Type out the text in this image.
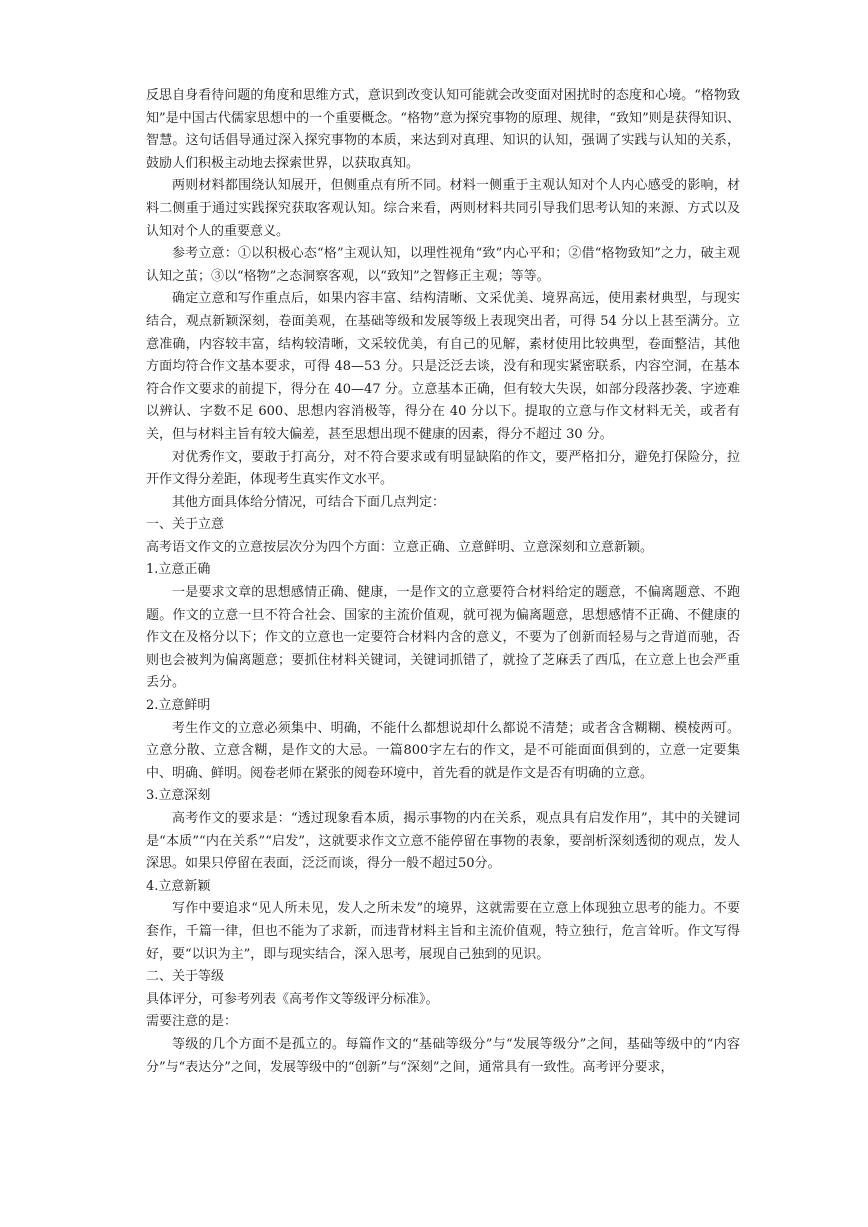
反思自身看待问题的角度和思维方式，意识到改变认知可能就会改变面对困扰时的态度和心境。“格物致知”是中国古代儒家思想中的一个重要概念。“格物”意为探究事物的原理、规律，“致知”则是获得知识、智慧。这句话倡导通过深入探究事物的本质，来达到对真理、知识的认知，强调了实践与认知的关系，鼓励人们积极主动地去探索世界，以获取真知。

两则材料都围绕认知展开，但侧重点有所不同。材料一侧重于主观认知对个人内心感受的影响，材料二侧重于通过实践探究获取客观认知。综合来看，两则材料共同引导我们思考认知的来源、方式以及认知对个人的重要意义。

参考立意：①以积极心态“格”主观认知，以理性视角“致”内心平和；②借“格物致知”之力，破主观认知之茧；③以“格物”之态洞察客观，以“致知”之智修正主观；等等。

确定立意和写作重点后，如果内容丰富、结构清晰、文采优美、境界高远，使用素材典型，与现实结合，观点新颖深刻，卷面美观，在基础等级和发展等级上表现突出者，可得 54 分以上甚至满分。立意准确，内容较丰富，结构较清晰，文采较优美，有自己的见解，素材使用比较典型，卷面整洁，其他方面均符合作文基本要求，可得 48—53 分。只是泛泛去谈，没有和现实紧密联系，内容空洞，在基本符合作文要求的前提下，得分在 40—47 分。立意基本正确，但有较大失误，如部分段落抄袭、字迹难以辨认、字数不足 600、思想内容消极等，得分在 40 分以下。提取的立意与作文材料无关，或者有关，但与材料主旨有较大偏差，甚至思想出现不健康的因素，得分不超过 30 分。

对优秀作文，要敢于打高分，对不符合要求或有明显缺陷的作文，要严格扣分，避免打保险分，拉开作文得分差距，体现考生真实作文水平。

其他方面具体给分情况，可结合下面几点判定：

一、关于立意

高考语文作文的立意按层次分为四个方面：立意正确、立意鲜明、立意深刻和立意新颖。

1.立意正确

一是要求文章的思想感情正确、健康，一是作文的立意要符合材料给定的题意，不偏离题意、不跑题。作文的立意一旦不符合社会、国家的主流价值观，就可视为偏离题意，思想感情不正确、不健康的作文在及格分以下；作文的立意也一定要符合材料内含的意义，不要为了创新而轻易与之背道而驰，否则也会被判为偏离题意；要抓住材料关键词，关键词抓错了，就捡了芝麻丢了西瓜，在立意上也会严重丢分。

2.立意鲜明

考生作文的立意必须集中、明确，不能什么都想说却什么都说不清楚；或者含含糊糊、模棱两可。立意分散、立意含糊，是作文的大忌。一篇800字左右的作文，是不可能面面俱到的，立意一定要集中、明确、鲜明。阅卷老师在紧张的阅卷环境中，首先看的就是作文是否有明确的立意。

3.立意深刻

高考作文的要求是：“透过现象看本质，揭示事物的内在关系，观点具有启发作用”，其中的关键词是“本质”“内在关系”“启发”，这就要求作文立意不能停留在事物的表象，要剖析深刻透彻的观点，发人深思。如果只停留在表面，泛泛而谈，得分一般不超过50分。

4.立意新颖

写作中要追求“见人所未见，发人之所未发”的境界，这就需要在立意上体现独立思考的能力。不要套作，千篇一律，但也不能为了求新，而违背材料主旨和主流价值观，特立独行，危言耸听。作文写得好，要“以识为主”，即与现实结合，深入思考，展现自己独到的见识。

二、关于等级

具体评分，可参考列表《高考作文等级评分标准》。

需要注意的是：

等级的几个方面不是孤立的。每篇作文的“基础等级分”与“发展等级分”之间，基础等级中的“内容分”与“表达分”之间，发展等级中的“创新”与“深刻”之间，通常具有一致性。高考评分要求，
